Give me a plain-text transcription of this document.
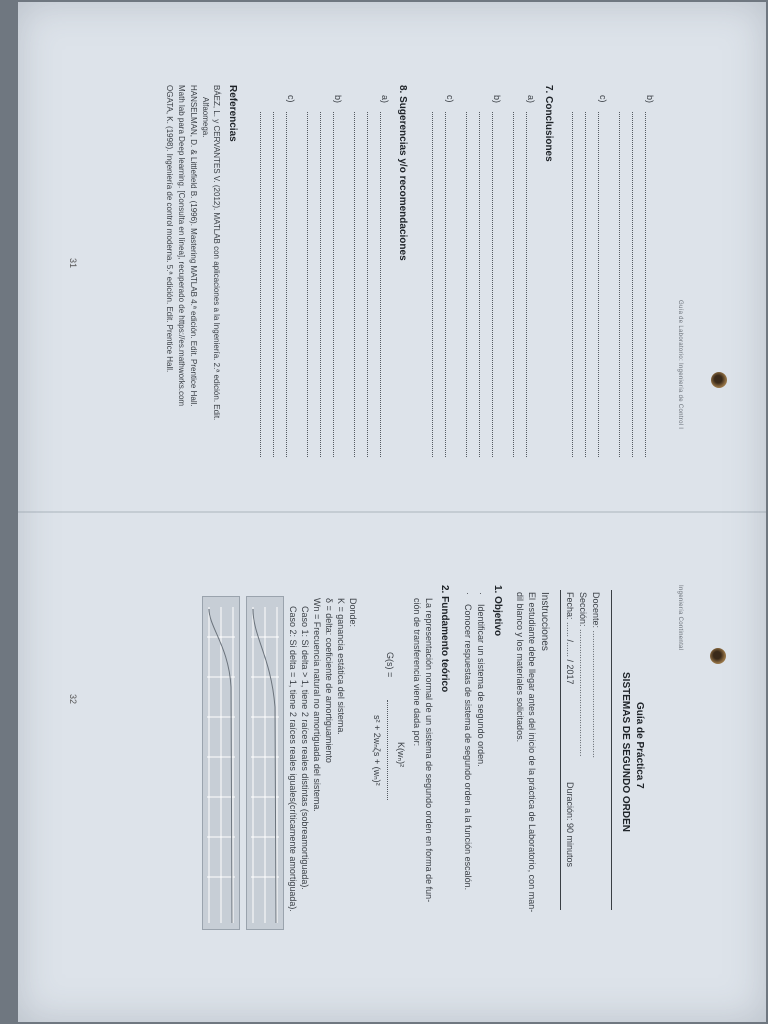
Guía de Laboratorio: Ingeniería de Control I
b)
c)
7. Conclusiones
a)
b)
c)
8. Sugerencias y/o recomendaciones
a)
b)
c)
Referencias
BÁEZ, L. y CERVANTES V. (2012). MATLAB con aplicaciones a la Ingeniería. 2.ª edición. Edit.
Alfaomega.
HANSELMAN, D. & Littlefield B. (1996). Mastering MATLAB 4.ª edición. Edit. Prentice Hall.
Math lab para Deep learning. [Consulta en línea], recuperado de https://es.mathworks.com
OGATA, K. (1998). Ingeniería de control moderna. 5.ª edición. Edit. Prentice Hall.
31
Ingeniería Continental
Guía de Práctica 7
SISTEMAS DE SEGUNDO ORDEN
Docente: ...................................................
Sección: ...................................................
Fecha: ...... /...... / 2017
Duración: 90 minutos
Instrucciones
El estudiante debe llegar antes del inicio de la práctica de Laboratorio, con man-
dil blanco y los materiales solicitados.
1. Objetivo
·
Identificar un sistema de segundo orden.
·
Conocer respuestas de sistema de segundo orden a la función escalón.
2. Fundamento teórico
La representación normal de un sistema de segundo orden en forma de fun-
ción de transferencia viene dada por:
K(wₙ)²
G(s) =
s² + 2wₙζs + (wₙ)²
Donde:
K = ganancia estática del sistema.
δ = delta: coeficiente de amortiguamiento
Wn = Frecuencia natural no amortiguada del sistema.
Caso 1: Si delta > 1, tiene 2 raíces reales distintas (sobreamortiguada).
Caso 2: Si delta = 1, tiene 2 raíces reales iguales(críticamente amortiguada).
32
